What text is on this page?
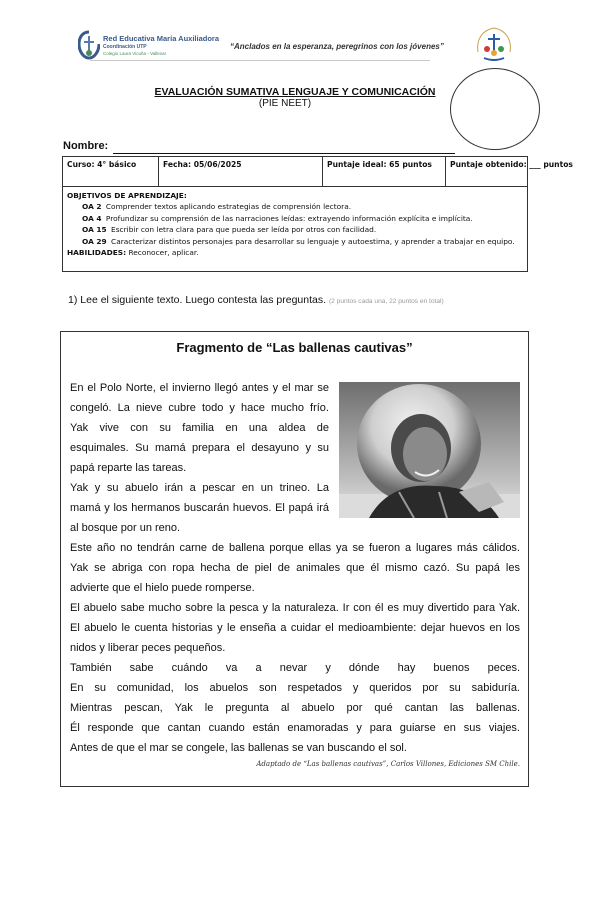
Red Educativa María Auxiliadora
Coordinación UTP
Colegio Laura Vicuña - Vallenar
“Anclados en la esperanza, peregrinos con los jóvenes”
EVALUACIÓN SUMATIVA LENGUAJE Y COMUNICACIÓN
(PIE NEET)
Nombre:
Curso: 4° básico	Fecha: 05/06/2025	Puntaje ideal: 65 puntos	Puntaje obtenido: ___ puntos
OBJETIVOS DE APRENDIZAJE:
OA 2 Comprender textos aplicando estrategias de comprensión lectora.
OA 4 Profundizar su comprensión de las narraciones leídas: extrayendo información explícita e implícita.
OA 15 Escribir con letra clara para que pueda ser leída por otros con facilidad.
OA 29 Caracterizar distintos personajes para desarrollar su lenguaje y autoestima, y aprender a trabajar en equipo.
HABILIDADES: Reconocer, aplicar.
1) Lee el siguiente texto. Luego contesta las preguntas. (2 puntos cada una, 22 puntos en total)
Fragmento de “Las ballenas cautivas”
En el Polo Norte, el invierno llegó antes y el mar se
congeló. La nieve cubre todo y hace mucho frío.
Yak vive con su familia en una aldea de
esquimales. Su mamá prepara el desayuno y su
papá reparte las tareas.
Yak y su abuelo irán a pescar en un trineo. La
mamá y los hermanos buscarán huevos. El papá irá
al bosque por un reno.
Este año no tendrán carne de ballena porque ellas ya se fueron a lugares más cálidos.
Yak se abriga con ropa hecha de piel de animales que él mismo cazó. Su papá les
advierte que el hielo puede romperse.
El abuelo sabe mucho sobre la pesca y la naturaleza. Ir con él es muy divertido para Yak.
El abuelo le cuenta historias y le enseña a cuidar el medioambiente: dejar huevos en los
nidos y liberar peces pequeños.
También sabe cuándo va a nevar y dónde hay buenos peces.
En su comunidad, los abuelos son respetados y queridos por su sabiduría.
Mientras pescan, Yak le pregunta al abuelo por qué cantan las ballenas.
Él responde que cantan cuando están enamoradas y para guiarse en sus viajes.
Antes de que el mar se congele, las ballenas se van buscando el sol.
Adaptado de “Las ballenas cautivas”, Carlos Villones, Ediciones SM Chile.
